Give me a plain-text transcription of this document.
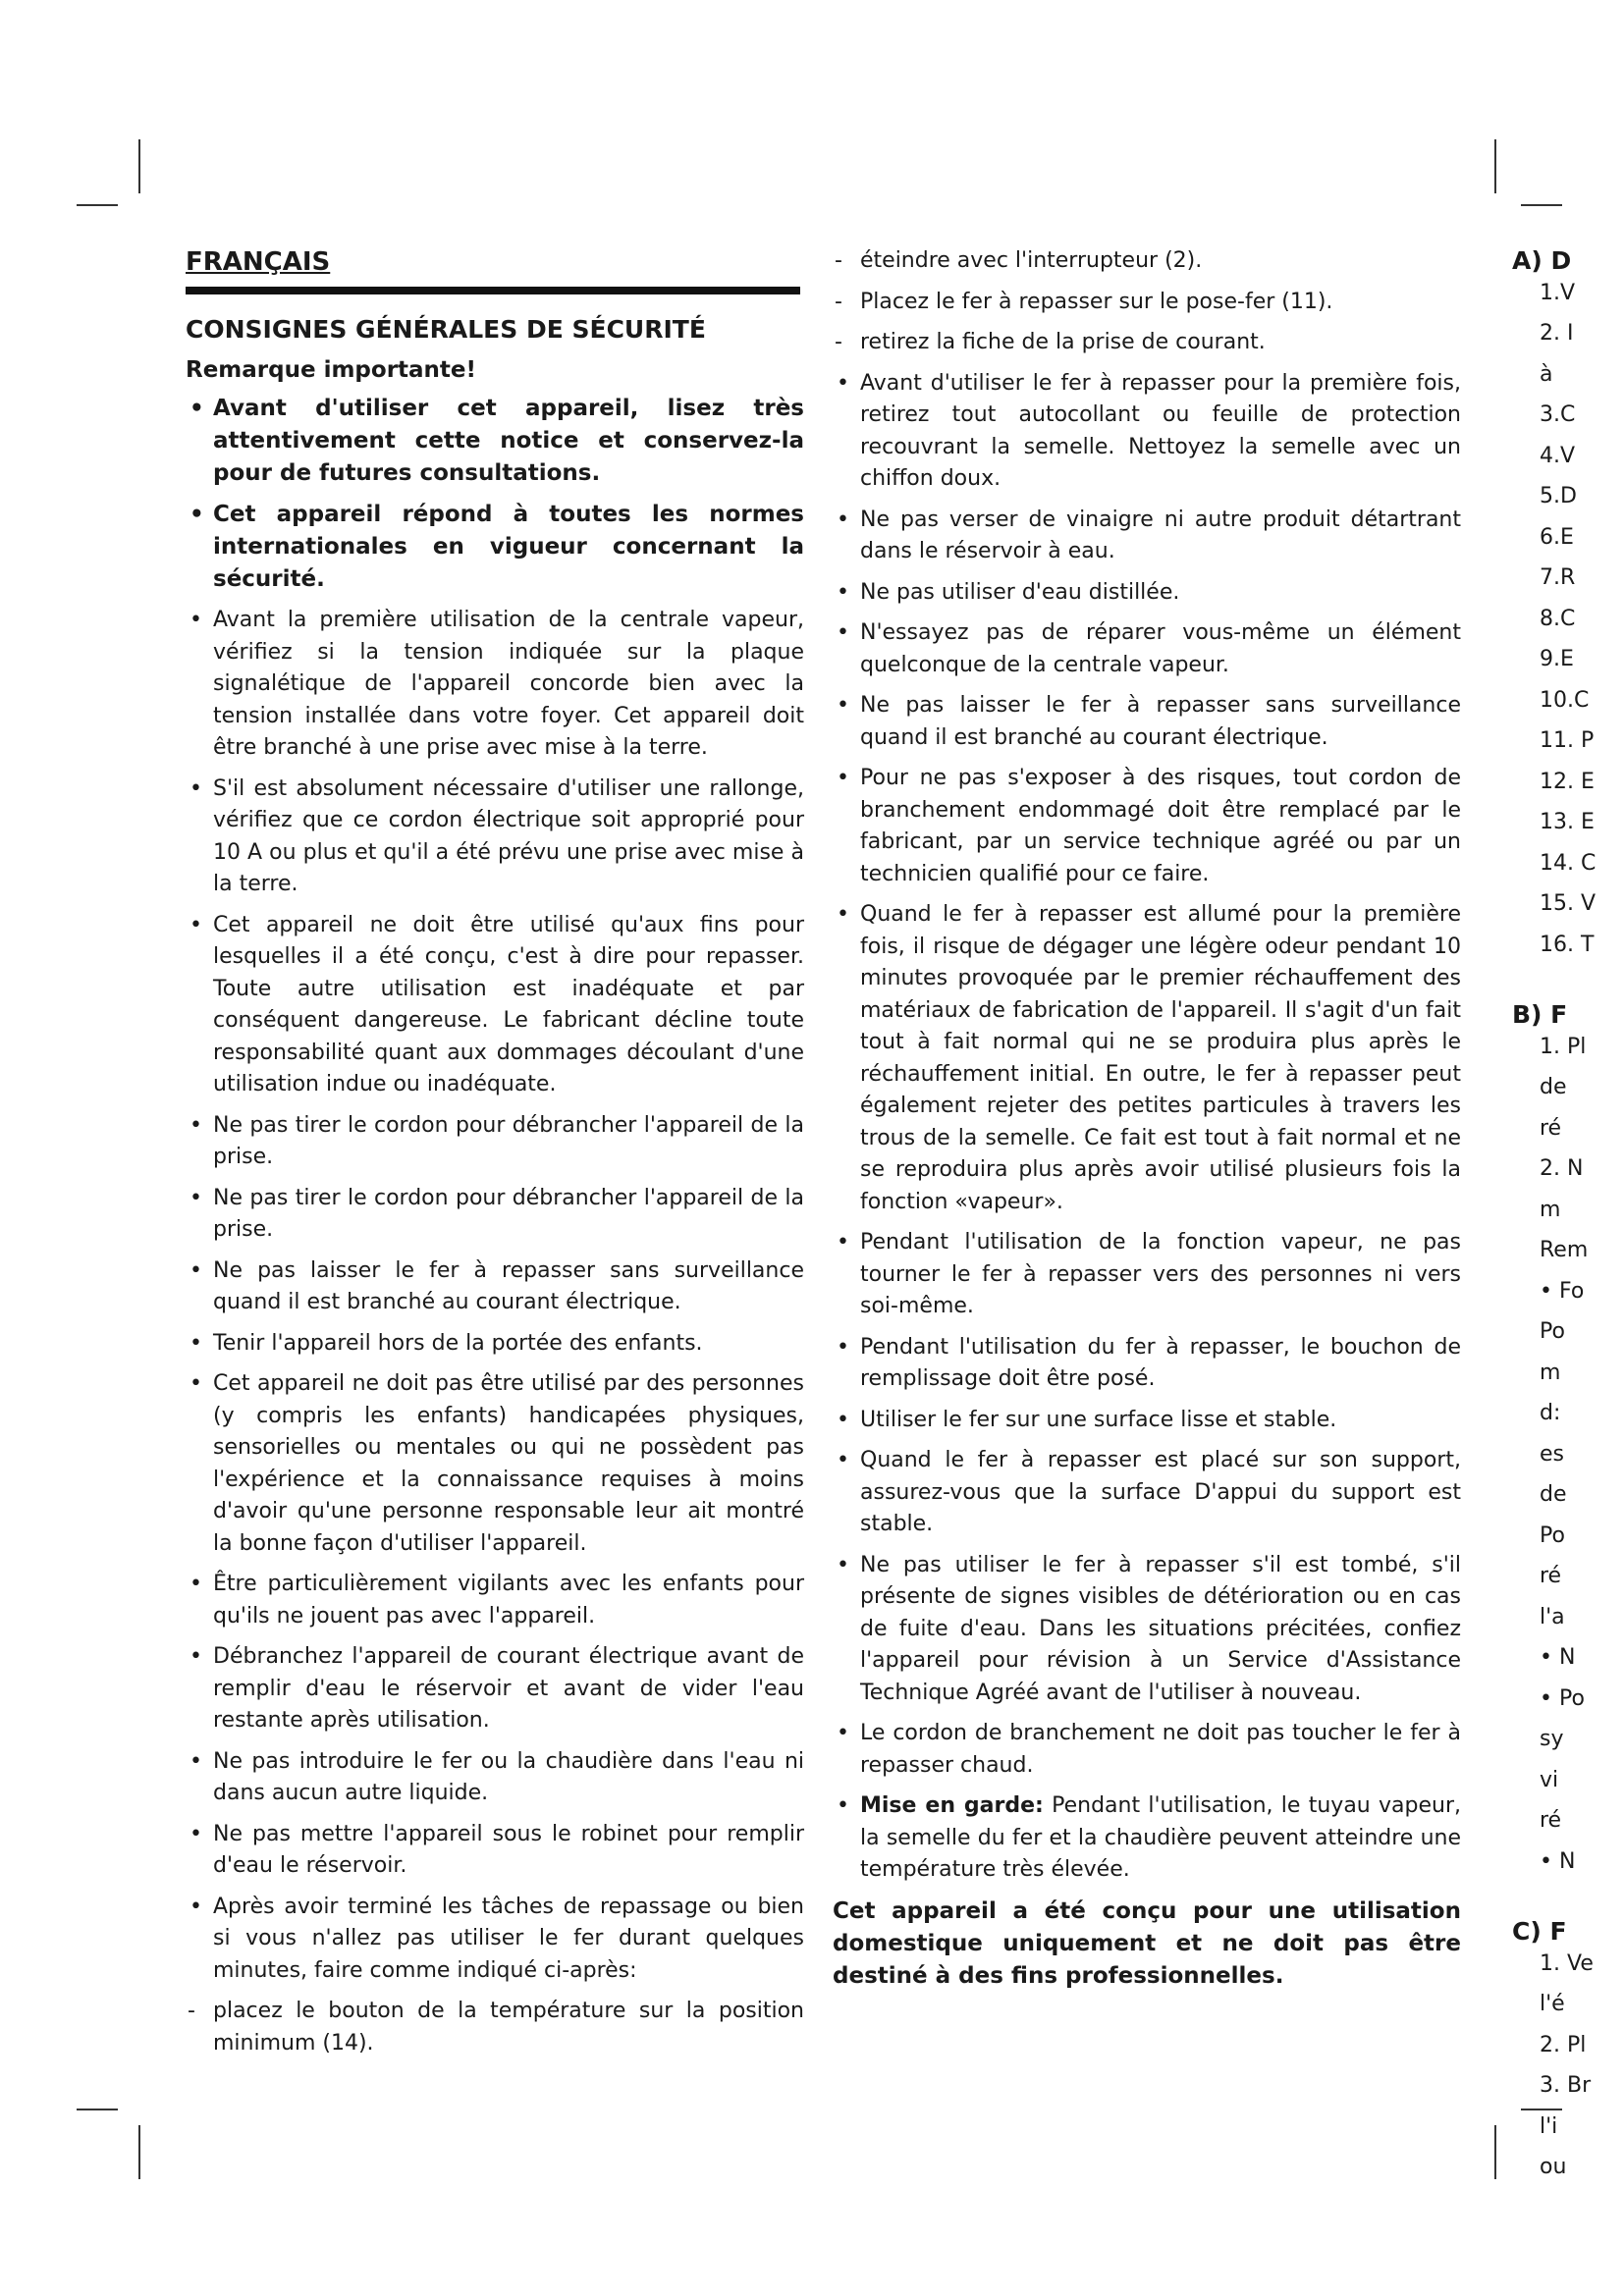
FRANÇAIS
CONSIGNES GÉNÉRALES DE SÉCURITÉ
Remarque importante!
• Avant d'utiliser cet appareil, lisez très attentivement cette notice et conservez-la pour de futures consultations.
• Cet appareil répond à toutes les normes internationales en vigueur concernant la sécurité.
• Avant la première utilisation de la centrale vapeur, vérifiez si la tension indiquée sur la plaque signalétique de l'appareil concorde bien avec la tension installée dans votre foyer. Cet appareil doit être branché à une prise avec mise à la terre.
• S'il est absolument nécessaire d'utiliser une rallonge, vérifiez que ce cordon électrique soit approprié pour 10 A ou plus et qu'il a été prévu une prise avec mise à la terre.
• Cet appareil ne doit être utilisé qu'aux fins pour lesquelles il a été conçu, c'est à dire pour repasser. Toute autre utilisation est inadéquate et par conséquent dangereuse. Le fabricant décline toute responsabilité quant aux dommages découlant d'une utilisation indue ou inadéquate.
• Ne pas tirer le cordon pour débrancher l'appareil de la prise.
• Ne pas tirer le cordon pour débrancher l'appareil de la prise.
• Ne pas laisser le fer à repasser sans surveillance quand il est branché au courant électrique.
• Tenir l'appareil hors de la portée des enfants.
• Cet appareil ne doit pas être utilisé par des personnes (y compris les enfants) handicapées physiques, sensorielles ou mentales ou qui ne possèdent pas l'expérience et la connaissance requises à moins d'avoir qu'une personne responsable leur ait montré la bonne façon d'utiliser l'appareil.
• Être particulièrement vigilants avec les enfants pour qu'ils ne jouent pas avec l'appareil.
• Débranchez l'appareil de courant électrique avant de remplir d'eau le réservoir et avant de vider l'eau restante après utilisation.
• Ne pas introduire le fer ou la chaudière dans l'eau ni dans aucun autre liquide.
• Ne pas mettre l'appareil sous le robinet pour remplir d'eau le réservoir.
• Après avoir terminé les tâches de repassage ou bien si vous n'allez pas utiliser le fer durant quelques minutes, faire comme indiqué ci-après:
- placez le bouton de la température sur la position minimum (14).
- éteindre avec l'interrupteur (2).
- Placez le fer à repasser sur le pose-fer (11).
- retirez la fiche de la prise de courant.
• Avant d'utiliser le fer à repasser pour la première fois, retirez tout autocollant ou feuille de protection recouvrant la semelle. Nettoyez la semelle avec un chiffon doux.
• Ne pas verser de vinaigre ni autre produit détartrant dans le réservoir à eau.
• Ne pas utiliser d'eau distillée.
• N'essayez pas de réparer vous-même un élément quelconque de la centrale vapeur.
• Ne pas laisser le fer à repasser sans surveillance quand il est branché au courant électrique.
• Pour ne pas s'exposer à des risques, tout cordon de branchement endommagé doit être remplacé par le fabricant, par un service technique agréé ou par un technicien qualifié pour ce faire.
• Quand le fer à repasser est allumé pour la première fois, il risque de dégager une légère odeur pendant 10 minutes provoquée par le premier réchauffement des matériaux de fabrication de l'appareil. Il s'agit d'un fait tout à fait normal qui ne se produira plus après le réchauffement initial. En outre, le fer à repasser peut également rejeter des petites particules à travers les trous de la semelle. Ce fait est tout à fait normal et ne se reproduira plus après avoir utilisé plusieurs fois la fonction «vapeur».
• Pendant l'utilisation de la fonction vapeur, ne pas tourner le fer à repasser vers des personnes ni vers soi-même.
• Pendant l'utilisation du fer à repasser, le bouchon de remplissage doit être posé.
• Utiliser le fer sur une surface lisse et stable.
• Quand le fer à repasser est placé sur son support, assurez-vous que la surface D'appui du support est stable.
• Ne pas utiliser le fer à repasser s'il est tombé, s'il présente de signes visibles de détérioration ou en cas de fuite d'eau. Dans les situations précitées, confiez l'appareil pour révision à un Service d'Assistance Technique Agréé avant de l'utiliser à nouveau.
• Le cordon de branchement ne doit pas toucher le fer à repasser chaud.
• Mise en garde: Pendant l'utilisation, le tuyau vapeur, la semelle du fer et la chaudière peuvent atteindre une température très élevée.
Cet appareil a été conçu pour une utilisation domestique uniquement et ne doit pas être destiné à des fins professionnelles.

A) D

1.V
2. I
à
3.C
4.V
5.D
6.E
7.R
8.C
9.E
10.C
11. P
12. E
13. E
14. C
15. V
16. T

B) F

1. Pl
de
ré
2. N
m
Rem
• Fo
Po
m
d:
es
de
Po
ré
l'a
• N
• Po
sy
vi
ré
• N

C) F

1. Ve
l'é
2. Pl
3. Br
l'i
ou
